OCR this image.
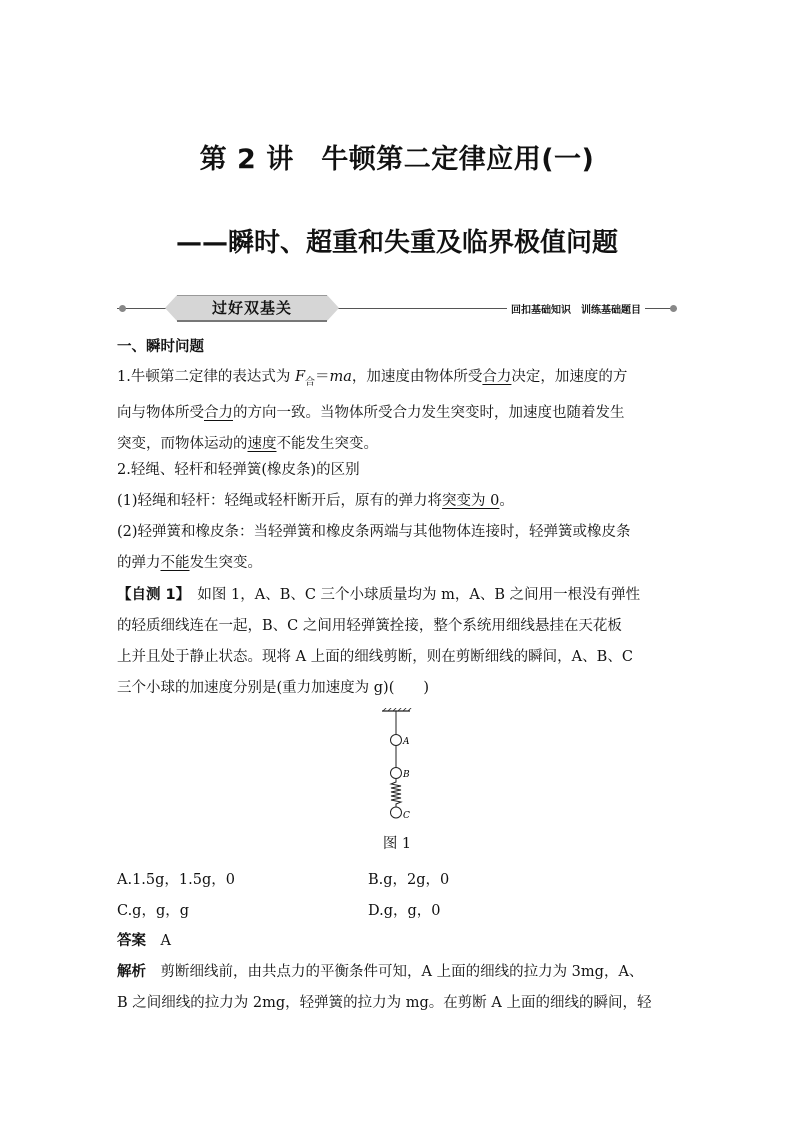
第 2 讲　牛顿第二定律应用(一)
——瞬时、超重和失重及临界极值问题
过好双基关	回扣基础知识　训练基础题目
一、瞬时问题
1.牛顿第二定律的表达式为 $F_合=ma$，加速度由物体所受合力决定，加速度的方
向与物体所受合力的方向一致。当物体所受合力发生突变时，加速度也随着发生
突变，而物体运动的速度不能发生突变。
2.轻绳、轻杆和轻弹簧(橡皮条)的区别
(1)轻绳和轻杆：轻绳或轻杆断开后，原有的弹力将突变为 0。
(2)轻弹簧和橡皮条：当轻弹簧和橡皮条两端与其他物体连接时，轻弹簧或橡皮条
的弹力不能发生突变。
【自测 1】　如图 1，A、B、C 三个小球质量均为 m，A、B 之间用一根没有弹性
的轻质细线连在一起，B、C 之间用轻弹簧拴接，整个系统用细线悬挂在天花板
上并且处于静止状态。现将 A 上面的细线剪断，则在剪断细线的瞬间，A、B、C
三个小球的加速度分别是(重力加速度为 g)(　　)
A
B
C
图 1
A.1.5g，1.5g，0	B.g，2g，0
C.g，g，g	D.g，g，0
答案　 A
解析　剪断细线前，由共点力的平衡条件可知，A 上面的细线的拉力为 3mg，A、
B 之间细线的拉力为 2mg，轻弹簧的拉力为 mg。在剪断 A 上面的细线的瞬间，轻
